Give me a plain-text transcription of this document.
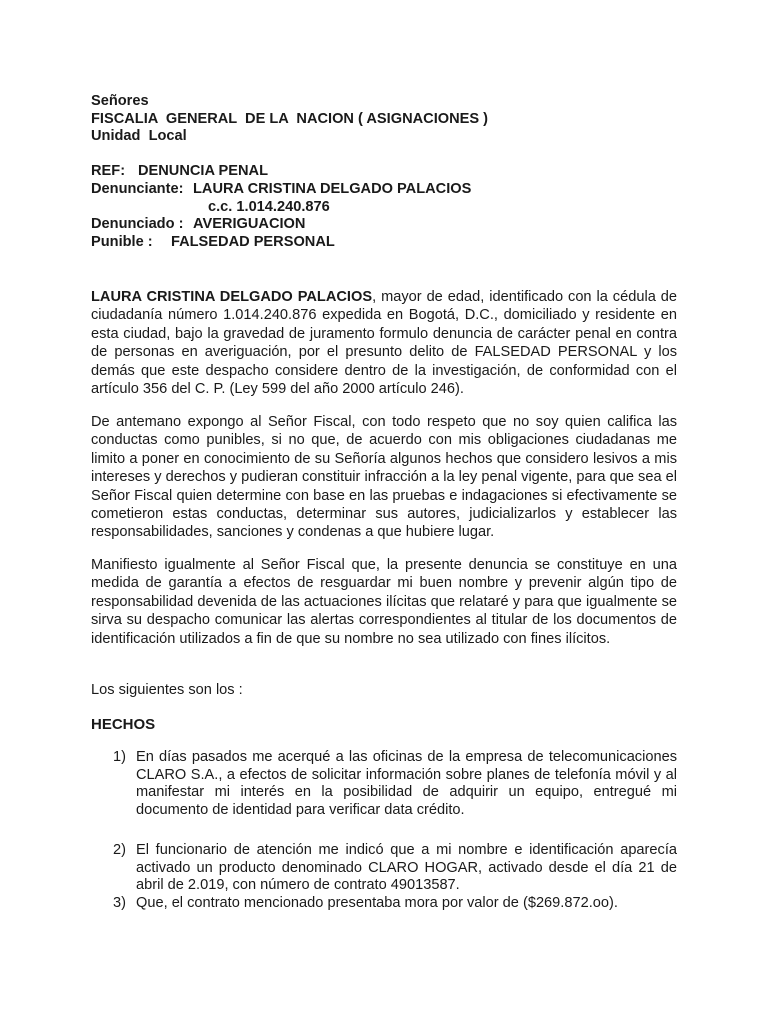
Señores
FISCALIA  GENERAL  DE LA  NACION ( ASIGNACIONES )
Unidad  Local
REF: DENUNCIA PENAL
Denunciante: LAURA CRISTINA DELGADO PALACIOS
c.c. 1.014.240.876
Denunciado : AVERIGUACION
Punible : FALSEDAD PERSONAL

LAURA CRISTINA DELGADO PALACIOS, mayor de edad, identificado con la cédula de ciudadanía número 1.014.240.876 expedida en Bogotá, D.C., domiciliado y residente en esta ciudad, bajo la gravedad de juramento formulo denuncia de carácter penal en contra de personas en averiguación, por el presunto delito de FALSEDAD PERSONAL y los demás que este despacho considere dentro de la investigación, de conformidad con el artículo 356 del C. P. (Ley 599 del año 2000 artículo 246).

De antemano expongo al Señor Fiscal, con todo respeto que no soy quien califica las conductas como punibles, si no que, de acuerdo con mis obligaciones ciudadanas me limito a poner en conocimiento de su Señoría algunos hechos que considero lesivos a mis intereses y derechos y pudieran constituir infracción a la ley penal vigente, para que sea el Señor Fiscal quien determine con base en las pruebas e indagaciones si efectivamente se cometieron estas conductas, determinar sus autores, judicializarlos y establecer las responsabilidades, sanciones y condenas a que hubiere lugar.

Manifiesto igualmente al Señor Fiscal que, la presente denuncia se constituye en una medida de garantía a efectos de resguardar mi buen nombre y prevenir algún tipo de responsabilidad devenida de las actuaciones ilícitas que relataré y para que igualmente se sirva su despacho comunicar las alertas correspondientes al titular de los documentos de identificación utilizados a fin de que su nombre no sea utilizado con fines ilícitos.

Los siguientes son los :

HECHOS
1) En días pasados me acerqué a las oficinas de la empresa de telecomunicaciones CLARO S.A., a efectos de solicitar información sobre planes de telefonía móvil y al manifestar mi interés en la posibilidad de adquirir un equipo, entregué mi documento de identidad para verificar data crédito.
2) El funcionario de atención me indicó que a mi nombre e identificación aparecía activado un producto denominado CLARO HOGAR, activado desde el día 21 de abril de 2.019, con número de contrato 49013587.
3) Que, el contrato mencionado presentaba mora por valor de ($269.872.oo).
